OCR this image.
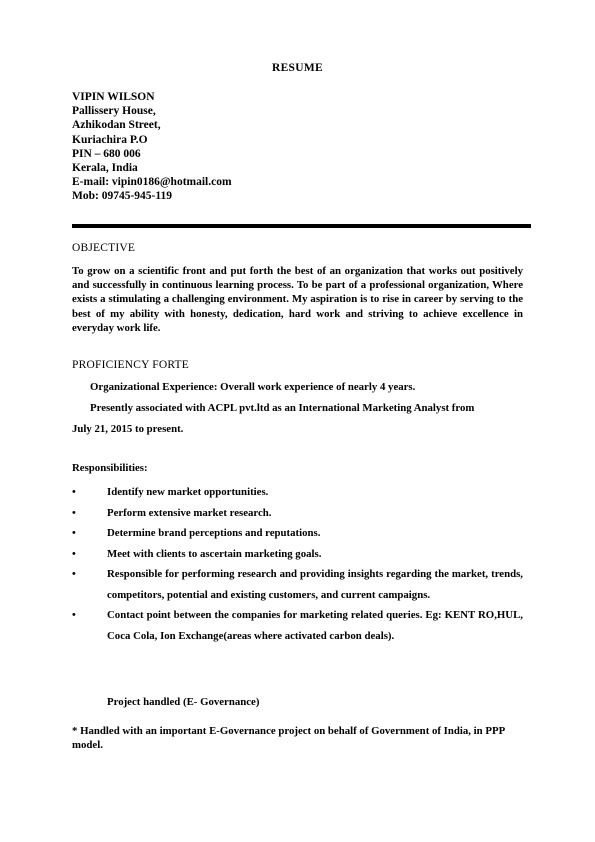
RESUME
VIPIN WILSON
Pallissery House,
Azhikodan Street,
Kuriachira P.O
PIN – 680 006
Kerala, India
E-mail: vipin0186@hotmail.com
Mob: 09745-945-119
OBJECTIVE
To grow on a scientific front and put forth the best of an organization that works out positively and successfully in continuous learning process. To be part of a professional organization, Where exists a stimulating a challenging environment. My aspiration is to rise in career by serving to the best of my ability with honesty, dedication, hard work and striving to achieve excellence in everyday work life.
PROFICIENCY FORTE
Organizational Experience: Overall work experience of nearly 4 years.
Presently associated with ACPL pvt.ltd as an International Marketing Analyst from
July 21, 2015 to present.
Responsibilities:
•	Identify new market opportunities.
•	Perform extensive market research.
•	Determine brand perceptions and reputations.
•	Meet with clients to ascertain marketing goals.
•	Responsible for performing research and providing insights regarding the market, trends, competitors, potential and existing customers, and current campaigns.
•	Contact point between the companies for marketing related queries. Eg: KENT RO,HUL, Coca Cola, Ion Exchange(areas where activated carbon deals).
Project handled (E- Governance)
* Handled with an important E-Governance project on behalf of Government of India, in PPP model.
